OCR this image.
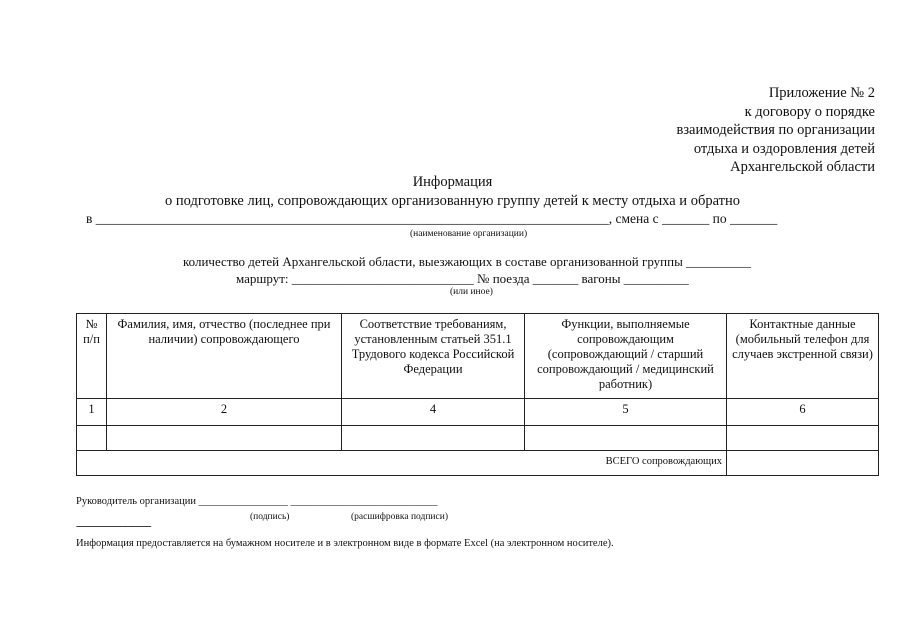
Приложение № 2
к договору о порядке
взаимодействия по организации
отдыха и оздоровления детей
Архангельской области
Информация
о подготовке лиц, сопровождающих организованную группу детей к месту отдыха и обратно
в ____________________________________________________________________________, смена с _______ по _______
(наименование организации)
количество детей Архангельской области, выезжающих в составе организованной группы __________
маршрут: ____________________________ № поезда _______ вагоны __________
(или иное)
№ п/п	Фамилия, имя, отчество (последнее при наличии) сопровождающего	Соответствие требованиям, установленным статьей 351.1 Трудового кодекса Российской Федерации	Функции, выполняемые сопровождающим (сопровождающий / старший сопровождающий / медицинский работник)	Контактные данные (мобильный телефон для случаев экстренной связи)
1	2	4	5	6

ВСЕГО сопровождающих				
Руководитель организации _________________ ____________________________
(подпись)	(расшифровка подписи)
--------------------------------
Информация предоставляется на бумажном носителе и в электронном виде в формате Excel (на электронном носителе).
